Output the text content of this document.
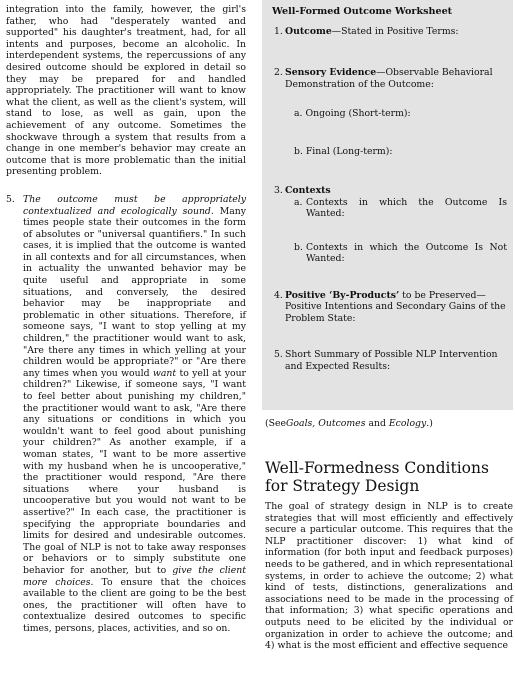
integration into the family, however, the girl's father, who had "desperately wanted and supported" his daughter's treatment, had, for all intents and purposes, become an alcoholic. In interdependent systems, the repercussions of any desired outcome should be explored in detail so they may be prepared for and handled appropriately. The practitioner will want to know what the client, as well as the client's system, will stand to lose, as well as gain, upon the achievement of any outcome. Sometimes the shockwave through a system that results from a change in one member's behavior may create an outcome that is more problematic than the initial presenting problem.

5. The outcome must be appropriately contextualized and ecologically sound. Many times people state their outcomes in the form of absolutes or "universal quantifiers." In such cases, it is implied that the outcome is wanted in all contexts and for all circumstances, when in actuality the unwanted behavior may be quite useful and appropriate in some situations, and conversely, the desired behavior may be inappropriate and problematic in other situations. Therefore, if someone says, "I want to stop yelling at my children," the practitioner would want to ask, "Are there any times in which yelling at your children would be appropriate?" or "Are there any times when you would want to yell at your children?" Likewise, if someone says, "I want to feel better about punishing my children," the practitioner would want to ask, "Are there any situations or conditions in which you wouldn't want to feel good about punishing your children?" As another example, if a woman states, "I want to be more assertive with my husband when he is uncooperative," the practitioner would respond, "Are there situations where your husband is uncooperative but you would not want to be assertive?" In each case, the practitioner is specifying the appropriate boundaries and limits for desired and undesirable outcomes. The goal of NLP is not to take away responses or behaviors or to simply substitute one behavior for another, but to give the client more choices. To ensure that the choices available to the client are going to be the best ones, the practitioner will often have to contextualize desired outcomes to specific times, persons, places, activities, and so on.

Well-Formed Outcome Worksheet
1. Outcome—Stated in Positive Terms:
2. Sensory Evidence—Observable Behavioral Demonstration of the Outcome:
a. Ongoing (Short-term):
b. Final (Long-term):
3. Contexts
a. Contexts in which the Outcome Is Wanted:
b. Contexts in which the Outcome Is Not Wanted:
4. Positive ‘By-Products’ to be Preserved—Positive Intentions and Secondary Gains of the Problem State:
5. Short Summary of Possible NLP Intervention and Expected Results:
(SeeGoals, Outcomes and Ecology.)
Well-Formedness Conditions for Strategy Design

The goal of strategy design in NLP is to create strategies that will most efficiently and effectively secure a particular outcome. This requires that the NLP practitioner discover: 1) what kind of information (for both input and feedback purposes) needs to be gathered, and in which representational systems, in order to achieve the outcome; 2) what kind of tests, distinctions, generalizations and associations need to be made in the processing of that information; 3) what specific operations and outputs need to be elicited by the individual or organization in order to achieve the outcome; and 4) what is the most efficient and effective sequence
